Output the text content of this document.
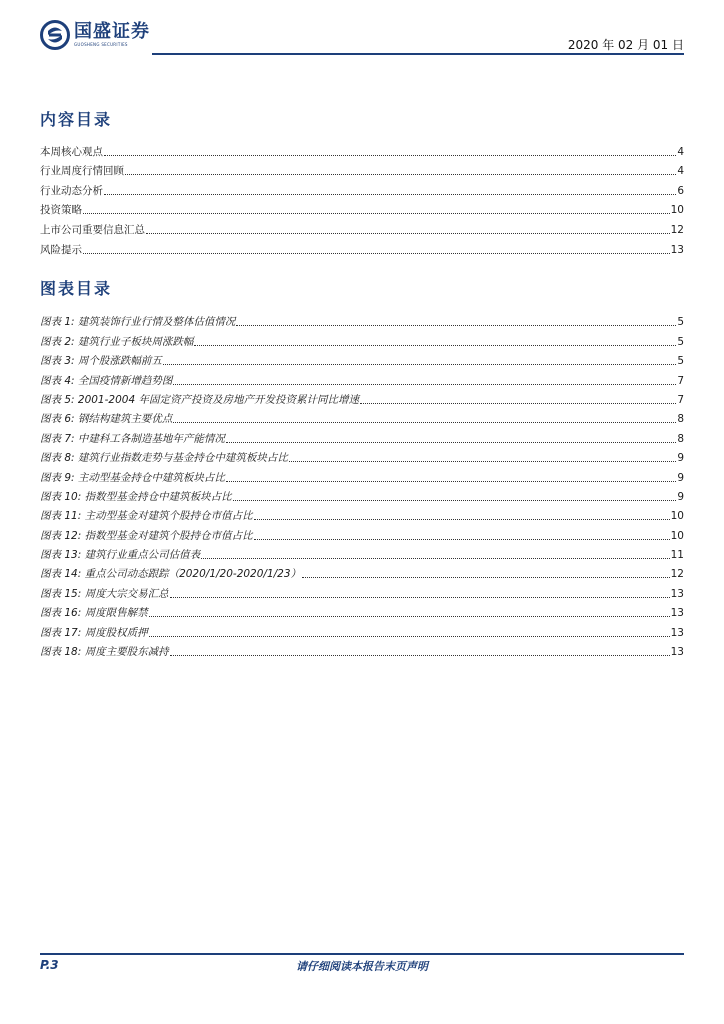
国盛证券
GUOSHENG SECURITIES	2020 年 02 月 01 日
内容目录
本周核心观点	4
行业周度行情回顾	4
行业动态分析	6
投资策略	10
上市公司重要信息汇总	12
风险提示	13
图表目录
图表 1: 建筑装饰行业行情及整体估值情况	5
图表 2: 建筑行业子板块周涨跌幅	5
图表 3: 周个股涨跌幅前五	5
图表 4: 全国疫情新增趋势图	7
图表 5: 2001-2004 年固定资产投资及房地产开发投资累计同比增速	7
图表 6: 钢结构建筑主要优点	8
图表 7: 中建科工各制造基地年产能情况	8
图表 8: 建筑行业指数走势与基金持仓中建筑板块占比	9
图表 9: 主动型基金持仓中建筑板块占比	9
图表 10: 指数型基金持仓中建筑板块占比	9
图表 11: 主动型基金对建筑个股持仓市值占比	10
图表 12: 指数型基金对建筑个股持仓市值占比	10
图表 13: 建筑行业重点公司估值表	11
图表 14: 重点公司动态跟踪（2020/1/20-2020/1/23）	12
图表 15: 周度大宗交易汇总	13
图表 16: 周度限售解禁	13
图表 17: 周度股权质押	13
图表 18: 周度主要股东减持	13
P.3	请仔细阅读本报告末页声明
